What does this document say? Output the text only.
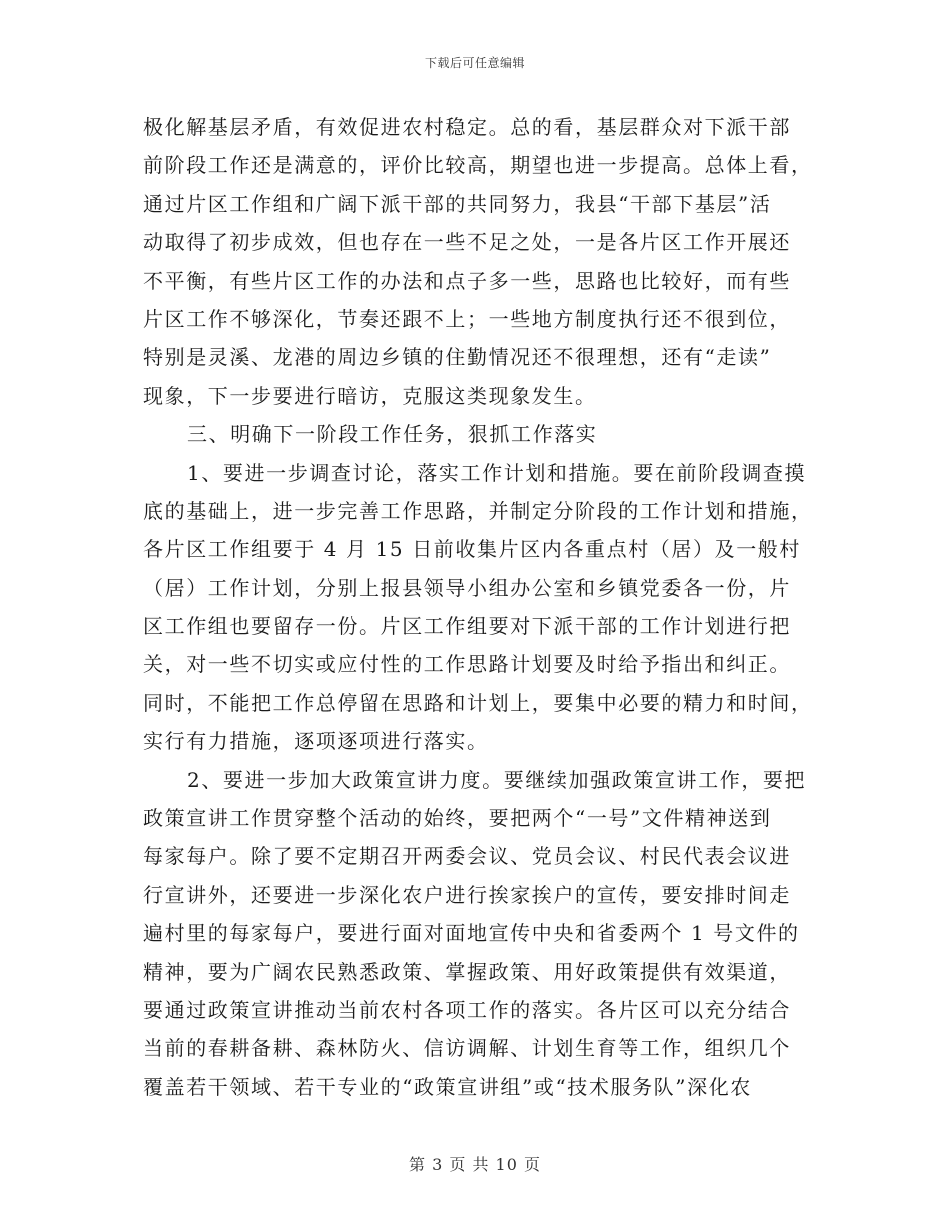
下载后可任意编辑
极化解基层矛盾，有效促进农村稳定。总的看，基层群众对下派干部
前阶段工作还是满意的，评价比较高，期望也进一步提高。总体上看，
通过片区工作组和广阔下派干部的共同努力，我县“干部下基层”活
动取得了初步成效，但也存在一些不足之处，一是各片区工作开展还
不平衡，有些片区工作的办法和点子多一些，思路也比较好，而有些
片区工作不够深化，节奏还跟不上；一些地方制度执行还不很到位，
特别是灵溪、龙港的周边乡镇的住勤情况还不很理想，还有“走读”
现象，下一步要进行暗访，克服这类现象发生。
三、明确下一阶段工作任务，狠抓工作落实
1、要进一步调查讨论，落实工作计划和措施。要在前阶段调查摸
底的基础上，进一步完善工作思路，并制定分阶段的工作计划和措施，
各片区工作组要于 4 月 15 日前收集片区内各重点村（居）及一般村
（居）工作计划，分别上报县领导小组办公室和乡镇党委各一份，片
区工作组也要留存一份。片区工作组要对下派干部的工作计划进行把
关，对一些不切实或应付性的工作思路计划要及时给予指出和纠正。
同时，不能把工作总停留在思路和计划上，要集中必要的精力和时间，
实行有力措施，逐项逐项进行落实。
2、要进一步加大政策宣讲力度。要继续加强政策宣讲工作，要把
政策宣讲工作贯穿整个活动的始终，要把两个“一号”文件精神送到
每家每户。除了要不定期召开两委会议、党员会议、村民代表会议进
行宣讲外，还要进一步深化农户进行挨家挨户的宣传，要安排时间走
遍村里的每家每户，要进行面对面地宣传中央和省委两个 1 号文件的
精神，要为广阔农民熟悉政策、掌握政策、用好政策提供有效渠道，
要通过政策宣讲推动当前农村各项工作的落实。各片区可以充分结合
当前的春耕备耕、森林防火、信访调解、计划生育等工作，组织几个
覆盖若干领域、若干专业的“政策宣讲组”或“技术服务队”深化农
第 3 页 共 10 页
